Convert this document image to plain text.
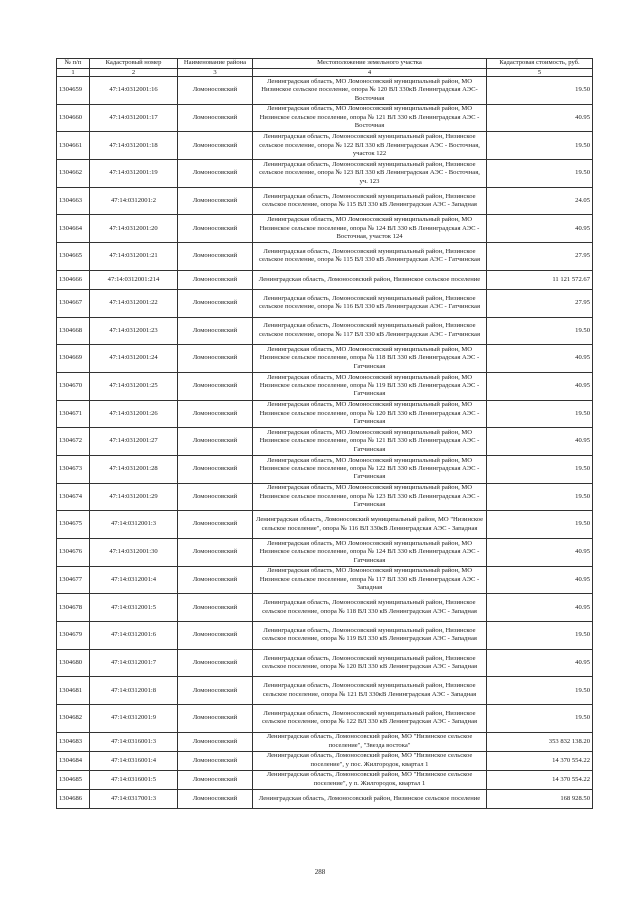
№ п/п	Кадастровый номер	Наименование района	Местоположение земельного участка	Кадастровая стоимость, руб.
1	2	3	4	5
1304659	47:14:0312001:16	Ломоносовский	Ленинградская область, МО Ломоносовский муниципальный район, МО Низинское сельское поселение, опора № 120 ВЛ 330кВ Ленинградская АЭС-Восточная	19.50
1304660	47:14:0312001:17	Ломоносовский	Ленинградская область, МО Ломоносовский муниципальный район, МО Низинское сельское поселение, опора № 121 ВЛ 330 кВ Ленинградская АЭС - Восточная	40.95
1304661	47:14:0312001:18	Ломоносовский	Ленинградская область, Ломоносовский муниципальный район, Низинское сельское поселение, опора № 122 ВЛ 330 кВ Ленинградская АЭС - Восточная, участок 122	19.50
1304662	47:14:0312001:19	Ломоносовский	Ленинградская область, Ломоносовский муниципальный район, Низинское сельское поселение, опора № 123 ВЛ 330 кВ Ленинградская АЭС - Восточная, уч. 123	19.50
1304663	47:14:0312001:2	Ломоносовский	Ленинградская область, Ломоносовский муниципальный район, Низинское сельское поселение, опора № 115 ВЛ 330 кВ Ленинградская АЭС - Западная	24.05
1304664	47:14:0312001:20	Ломоносовский	Ленинградская область, МО Ломоносовский муниципальный район, МО Низинское сельское поселение, опора № 124 ВЛ 330 кВ Ленинградская АЭС - Восточная, участок 124	40.95
1304665	47:14:0312001:21	Ломоносовский	Ленинградская область, Ломоносовский муниципальный район, Низинское сельское поселение, опора № 115 ВЛ 330 кВ Ленинградская АЭС - Гатчинская	27.95
1304666	47:14:0312001:214	Ломоносовский	Ленинградская область, Ломоносовский район, Низинское сельское поселение	11 121 572.67
1304667	47:14:0312001:22	Ломоносовский	Ленинградская область, Ломоносовский муниципальный район, Низинское сельское поселение, опора № 116 ВЛ 330 кВ Ленинградская АЭС - Гатчинская	27.95
1304668	47:14:0312001:23	Ломоносовский	Ленинградская область, Ломоносовский муниципальный район, Низинское сельское поселение, опора № 117 ВЛ 330 кВ Ленинградская АЭС - Гатчинская	19.50
1304669	47:14:0312001:24	Ломоносовский	Ленинградская область, МО Ломоносовский муниципальный район, МО Низинское сельское поселение, опора № 118 ВЛ 330 кВ Ленинградская АЭС - Гатчинская	40.95
1304670	47:14:0312001:25	Ломоносовский	Ленинградская область, МО Ломоносовский муниципальный район, МО Низинское сельское поселение, опора № 119 ВЛ 330 кВ Ленинградская АЭС - Гатчинская	40.95
1304671	47:14:0312001:26	Ломоносовский	Ленинградская область, МО Ломоносовский муниципальный район, МО Низинское сельское поселение, опора № 120 ВЛ 330 кВ Ленинградская АЭС - Гатчинская	19.50
1304672	47:14:0312001:27	Ломоносовский	Ленинградская область, МО Ломоносовский муниципальный район, МО Низинское сельское поселение, опора № 121 ВЛ 330 кВ Ленинградская АЭС - Гатчинская	40.95
1304673	47:14:0312001:28	Ломоносовский	Ленинградская область, МО Ломоносовский муниципальный район, МО Низинское сельское поселение, опора № 122 ВЛ 330 кВ Ленинградская АЭС - Гатчинская	19.50
1304674	47:14:0312001:29	Ломоносовский	Ленинградская область, МО Ломоносовский муниципальный район, МО Низинское сельское поселение, опора № 123 ВЛ 330 кВ Ленинградская АЭС - Гатчинская	19.50
1304675	47:14:0312001:3	Ломоносовский	Ленинградская область, Ломоносовский муниципальный район, МО "Низинское сельское поселение", опора № 116 ВЛ 330кВ Ленинградская АЭС - Западная	19.50
1304676	47:14:0312001:30	Ломоносовский	Ленинградская область, МО Ломоносовский муниципальный район, МО Низинское сельское поселение, опора № 124 ВЛ 330 кВ Ленинградская АЭС - Гатчинская	40.95
1304677	47:14:0312001:4	Ломоносовский	Ленинградская область, МО Ломоносовский муниципальный район, МО Низинское сельское поселение, опора № 117 ВЛ 330 кВ Ленинградская АЭС - Западная	40.95
1304678	47:14:0312001:5	Ломоносовский	Ленинградская область, Ломоносовский муниципальный район, Низинское сельское поселение, опора № 118 ВЛ 330 кВ Ленинградская АЭС - Западная	40.95
1304679	47:14:0312001:6	Ломоносовский	Ленинградская область, Ломоносовский муниципальный район, Низинское сельское поселение, опора № 119 ВЛ 330 кВ Ленинградская АЭС - Западная	19.50
1304680	47:14:0312001:7	Ломоносовский	Ленинградская область, Ломоносовский муниципальный район, Низинское сельское поселение, опора № 120 ВЛ 330 кВ Ленинградская АЭС - Западная	40.95
1304681	47:14:0312001:8	Ломоносовский	Ленинградская область, Ломоносовский муниципальный район, Низинское сельское поселение, опора № 121 ВЛ 330кВ Ленинградская АЭС - Западная	19.50
1304682	47:14:0312001:9	Ломоносовский	Ленинградская область, Ломоносовский муниципальный район, Низинское сельское поселение, опора № 122 ВЛ 330 кВ Ленинградская АЭС - Западная	19.50
1304683	47:14:0316001:3	Ломоносовский	Ленинградская область, Ломоносовский район, МО "Низинское сельское поселение", "Звезда востока"	353 832 138.20
1304684	47:14:0316001:4	Ломоносовский	Ленинградская область, Ломоносовский район, МО "Низинское сельское поселение", у пос. Жилгородок, квартал 1	14 370 554.22
1304685	47:14:0316001:5	Ломоносовский	Ленинградская область, Ломоносовский район, МО "Низинское сельское поселение", у п. Жилгородок, квартал 1	14 370 554.22
1304686	47:14:0317001:3	Ломоносовский	Ленинградская область, Ломоносовский район, Низинское сельское поселение	168 928.50
288
